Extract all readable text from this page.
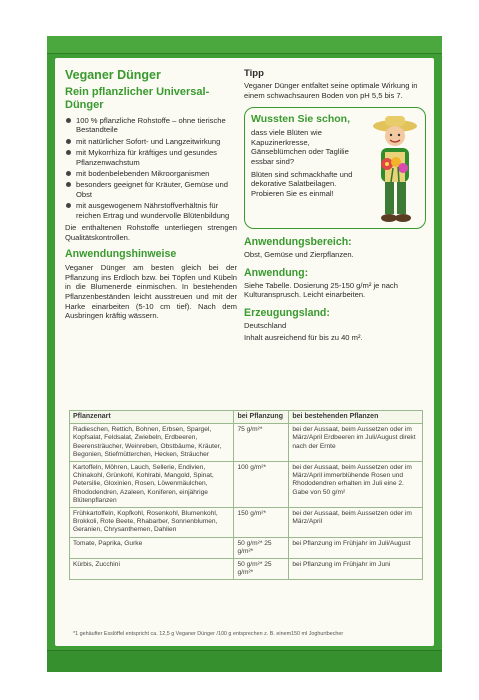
Veganer Dünger
Rein pflanzlicher Universal-Dünger
100 % pflanzliche Rohstoffe – ohne tierische Bestandteile
mit natürlicher Sofort- und Langzeitwirkung
mit Mykorrhiza für kräftiges und gesundes Pflanzenwachstum
mit bodenbelebenden Mikroorganismen
besonders geeignet für Kräuter, Gemüse und Obst
mit ausgewogenem Nährstoffverhältnis für reichen Ertrag und wundervolle Blütenbildung
Die enthaltenen Rohstoffe unterliegen strengen Qualitätskontrollen.
Anwendungshinweise
Veganer Dünger am besten gleich bei der Pflanzung ins Erdloch bzw. bei Töpfen und Kübeln in die Blumenerde einmischen. In bestehenden Pflanzenbeständen leicht ausstreuen und mit der Harke einarbeiten (5-10 cm tief). Nach dem Ausbringen kräftig wässern.
Tipp
Veganer Dünger entfaltet seine optimale Wirkung in einem schwachsauren Boden von pH 5,5 bis 7.
Wussten Sie schon,
dass viele Blüten wie Kapuzinerkresse, Gänseblümchen oder Taglilie essbar sind?
Blüten sind schmackhafte und dekorative Salatbeilagen. Probieren Sie es einmal!
Anwendungsbereich:
Obst, Gemüse und Zierpflanzen.
Anwendung:
Siehe Tabelle. Dosierung 25-150 g/m² je nach Kulturansprusch. Leicht einarbeiten.
Erzeugungsland:
Deutschland
Inhalt ausreichend für bis zu 40 m².
Pflanzenart	bei Pflanzung	bei bestehenden Pflanzen
Radieschen, Rettich, Bohnen, Erbsen, Spargel, Kopfsalat, Feldsalat, Zwiebeln, Erdbeeren, Beerensträucher, Weinreben, Obstbäume, Kräuter, Begonien, Stiefmütterchen, Hecken, Sträucher	75 g/m²*	bei der Aussaat, beim Aussetzen oder im März/April Erdbeeren im Juli/August direkt nach der Ernte
Kartoffeln, Möhren, Lauch, Sellerie, Endivien, Chinakohl, Grünkohl, Kohlrabi, Mangold, Spinat, Petersilie, Gloxinien, Rosen, Löwenmäulchen, Rhododendren, Azaleen, Koniferen, einjährige Blütenpflanzen	100 g/m²*	bei der Aussaat, beim Aussetzen oder im März/April immerblühende Rosen und Rhododendren erhalten im Juli eine 2. Gabe von 50 g/m²
Frühkartoffeln, Kopfkohl, Rosenkohl, Blumenkohl, Brokkoli, Rote Beete, Rhabarber, Sonnenblumen, Geranien, Chrysanthemen, Dahlien	150 g/m²*	bei der Aussaat, beim Aussetzen oder im März/April
Tomate, Paprika, Gurke	50 g/m²* 25 g/m²*	bei Pflanzung im Frühjahr im Juli/August
Kürbis, Zucchini	50 g/m²* 25 g/m²*	bei Pflanzung im Frühjahr im Juni
*1 gehäufter Esslöffel entspricht ca. 12,5 g Veganer Dünger /100 g entsprechen z. B. einem150 ml Joghurtbecher
